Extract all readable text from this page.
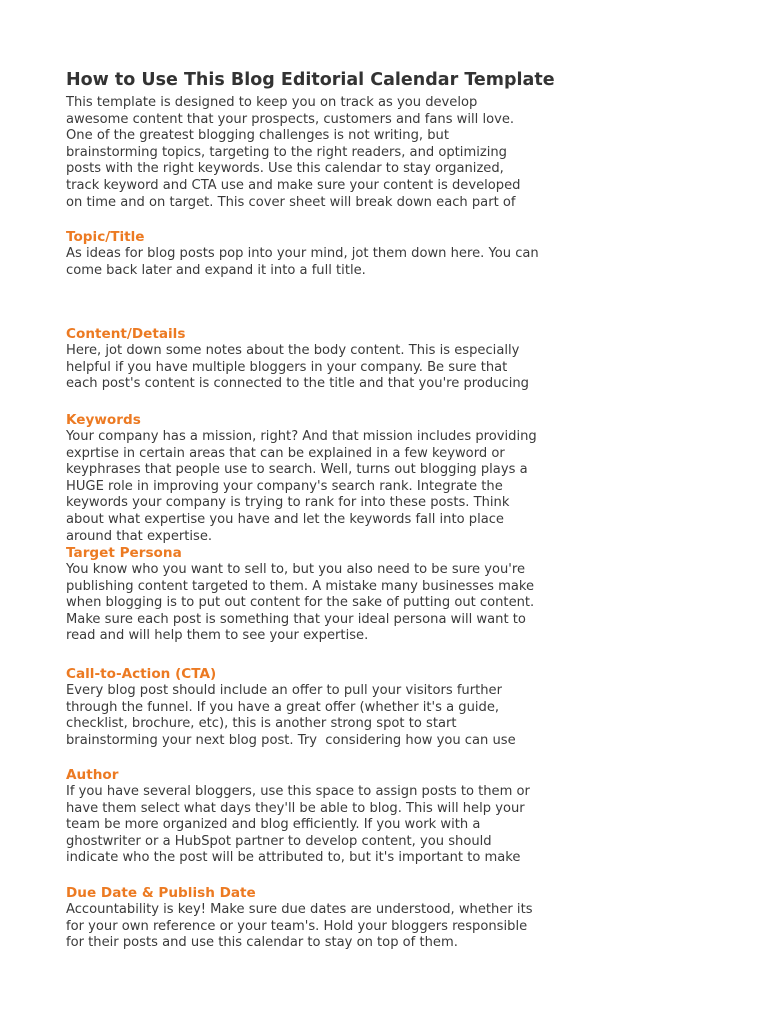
How to Use This Blog Editorial Calendar Template

This template is designed to keep you on track as you develop
awesome content that your prospects, customers and fans will love.
One of the greatest blogging challenges is not writing, but
brainstorming topics, targeting to the right readers, and optimizing
posts with the right keywords. Use this calendar to stay organized,
track keyword and CTA use and make sure your content is developed
on time and on target. This cover sheet will break down each part of

Topic/Title

As ideas for blog posts pop into your mind, jot them down here. You can
come back later and expand it into a full title.

Content/Details

Here, jot down some notes about the body content. This is especially
helpful if you have multiple bloggers in your company. Be sure that
each post's content is connected to the title and that you're producing

Keywords

Your company has a mission, right? And that mission includes providing
exprtise in certain areas that can be explained in a few keyword or
keyphrases that people use to search. Well, turns out blogging plays a
HUGE role in improving your company's search rank. Integrate the
keywords your company is trying to rank for into these posts. Think
about what expertise you have and let the keywords fall into place
around that expertise.

Target Persona

You know who you want to sell to, but you also need to be sure you're
publishing content targeted to them. A mistake many businesses make
when blogging is to put out content for the sake of putting out content.
Make sure each post is something that your ideal persona will want to
read and will help them to see your expertise.

Call-to-Action (CTA)

Every blog post should include an offer to pull your visitors further
through the funnel. If you have a great offer (whether it's a guide,
checklist, brochure, etc), this is another strong spot to start
brainstorming your next blog post. Try  considering how you can use

Author

If you have several bloggers, use this space to assign posts to them or
have them select what days they'll be able to blog. This will help your
team be more organized and blog efficiently. If you work with a
ghostwriter or a HubSpot partner to develop content, you should
indicate who the post will be attributed to, but it's important to make

Due Date & Publish Date

Accountability is key! Make sure due dates are understood, whether its
for your own reference or your team's. Hold your bloggers responsible
for their posts and use this calendar to stay on top of them.
